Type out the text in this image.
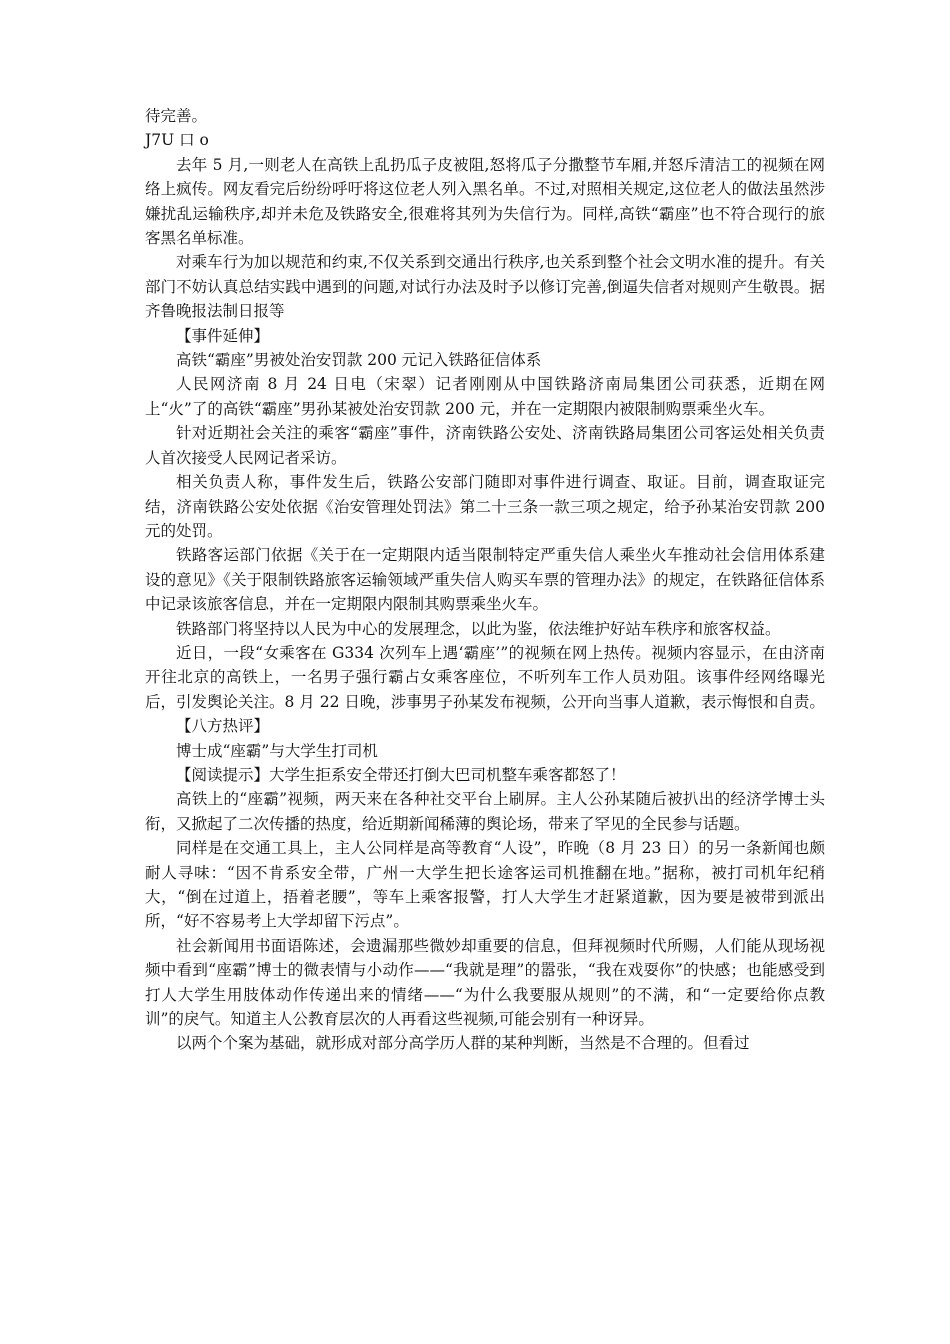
待完善。

J7U 口 o

去年 5 月,一则老人在高铁上乱扔瓜子皮被阻,怒将瓜子分撒整节车厢,并怒斥清洁工的视频在网络上疯传。网友看完后纷纷呼吁将这位老人列入黑名单。不过,对照相关规定,这位老人的做法虽然涉嫌扰乱运输秩序,却并未危及铁路安全,很难将其列为失信行为。同样,高铁“霸座”也不符合现行的旅客黑名单标准。

对乘车行为加以规范和约束,不仅关系到交通出行秩序,也关系到整个社会文明水准的提升。有关部门不妨认真总结实践中遇到的问题,对试行办法及时予以修订完善,倒逼失信者对规则产生敬畏。据齐鲁晚报法制日报等

【事件延伸】

高铁“霸座”男被处治安罚款 200 元记入铁路征信体系

人民网济南 8 月 24 日电（宋翠）记者刚刚从中国铁路济南局集团公司获悉，近期在网上“火”了的高铁“霸座”男孙某被处治安罚款 200 元，并在一定期限内被限制购票乘坐火车。

针对近期社会关注的乘客“霸座”事件，济南铁路公安处、济南铁路局集团公司客运处相关负责人首次接受人民网记者采访。

相关负责人称，事件发生后，铁路公安部门随即对事件进行调查、取证。目前，调查取证完结，济南铁路公安处依据《治安管理处罚法》第二十三条一款三项之规定，给予孙某治安罚款 200 元的处罚。

铁路客运部门依据《关于在一定期限内适当限制特定严重失信人乘坐火车推动社会信用体系建设的意见》《关于限制铁路旅客运输领域严重失信人购买车票的管理办法》的规定，在铁路征信体系中记录该旅客信息，并在一定期限内限制其购票乘坐火车。

铁路部门将坚持以人民为中心的发展理念，以此为鉴，依法维护好站车秩序和旅客权益。

近日，一段“女乘客在 G334 次列车上遇‘霸座’”的视频在网上热传。视频内容显示，在由济南开往北京的高铁上，一名男子强行霸占女乘客座位，不听列车工作人员劝阻。该事件经网络曝光后，引发舆论关注。8 月 22 日晚，涉事男子孙某发布视频，公开向当事人道歉，表示悔恨和自责。

【八方热评】

博士成“座霸”与大学生打司机

【阅读提示】大学生拒系安全带还打倒大巴司机整车乘客都怒了！

高铁上的“座霸”视频，两天来在各种社交平台上刷屏。主人公孙某随后被扒出的经济学博士头衔，又掀起了二次传播的热度，给近期新闻稀薄的舆论场，带来了罕见的全民参与话题。

同样是在交通工具上，主人公同样是高等教育“人设”，昨晚（8 月 23 日）的另一条新闻也颇耐人寻味：“因不肯系安全带，广州一大学生把长途客运司机推翻在地。”据称，被打司机年纪稍大，“倒在过道上，捂着老腰”，等车上乘客报警，打人大学生才赶紧道歉，因为要是被带到派出所，“好不容易考上大学却留下污点”。

社会新闻用书面语陈述，会遗漏那些微妙却重要的信息，但拜视频时代所赐，人们能从现场视频中看到“座霸”博士的微表情与小动作——“我就是理”的嚣张，“我在戏耍你”的快感；也能感受到打人大学生用肢体动作传递出来的情绪——“为什么我要服从规则”的不满，和“一定要给你点教训”的戾气。知道主人公教育层次的人再看这些视频,可能会别有一种讶异。

以两个个案为基础，就形成对部分高学历人群的某种判断，当然是不合理的。但看过
